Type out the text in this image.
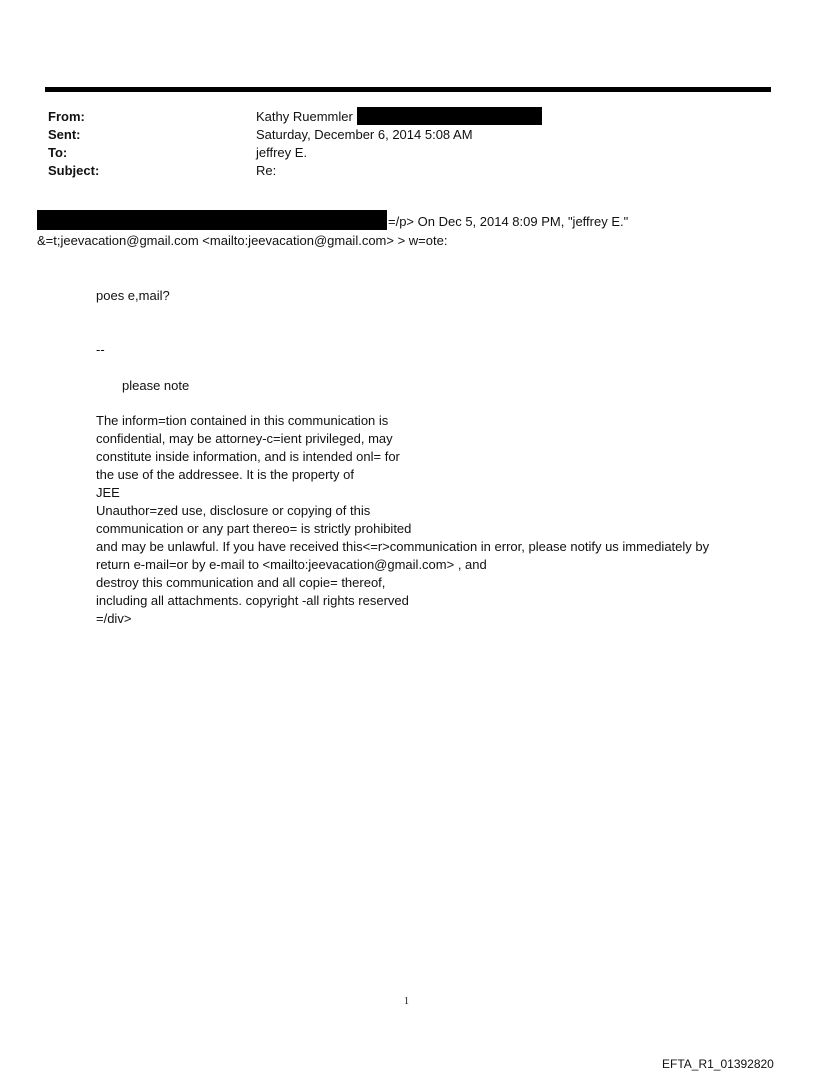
From:	Kathy Ruemmler
Sent:	Saturday, December 6, 2014 5:08 AM
To:	jeffrey E.
Subject:	Re:
=/p> On Dec 5, 2014 8:09 PM, "jeffrey E."
&=t;jeevacation@gmail.com <mailto:jeevacation@gmail.com> > w=ote:
poes e,mail?
--
please note
The inform=tion contained in this communication is
confidential, may be attorney-c=ient privileged, may
constitute inside information, and is intended onl= for
the use of the addressee. It is the property of
JEE
Unauthor=zed use, disclosure or copying of this
communication or any part thereo= is strictly prohibited
and may be unlawful. If you have received this<=r>communication in error, please notify us immediately by
return e-mail=or by e-mail to <mailto:jeevacation@gmail.com> , and
destroy this communication and all copie= thereof,
including all attachments. copyright -all rights reserved
=/div>
1
EFTA_R1_01392820
